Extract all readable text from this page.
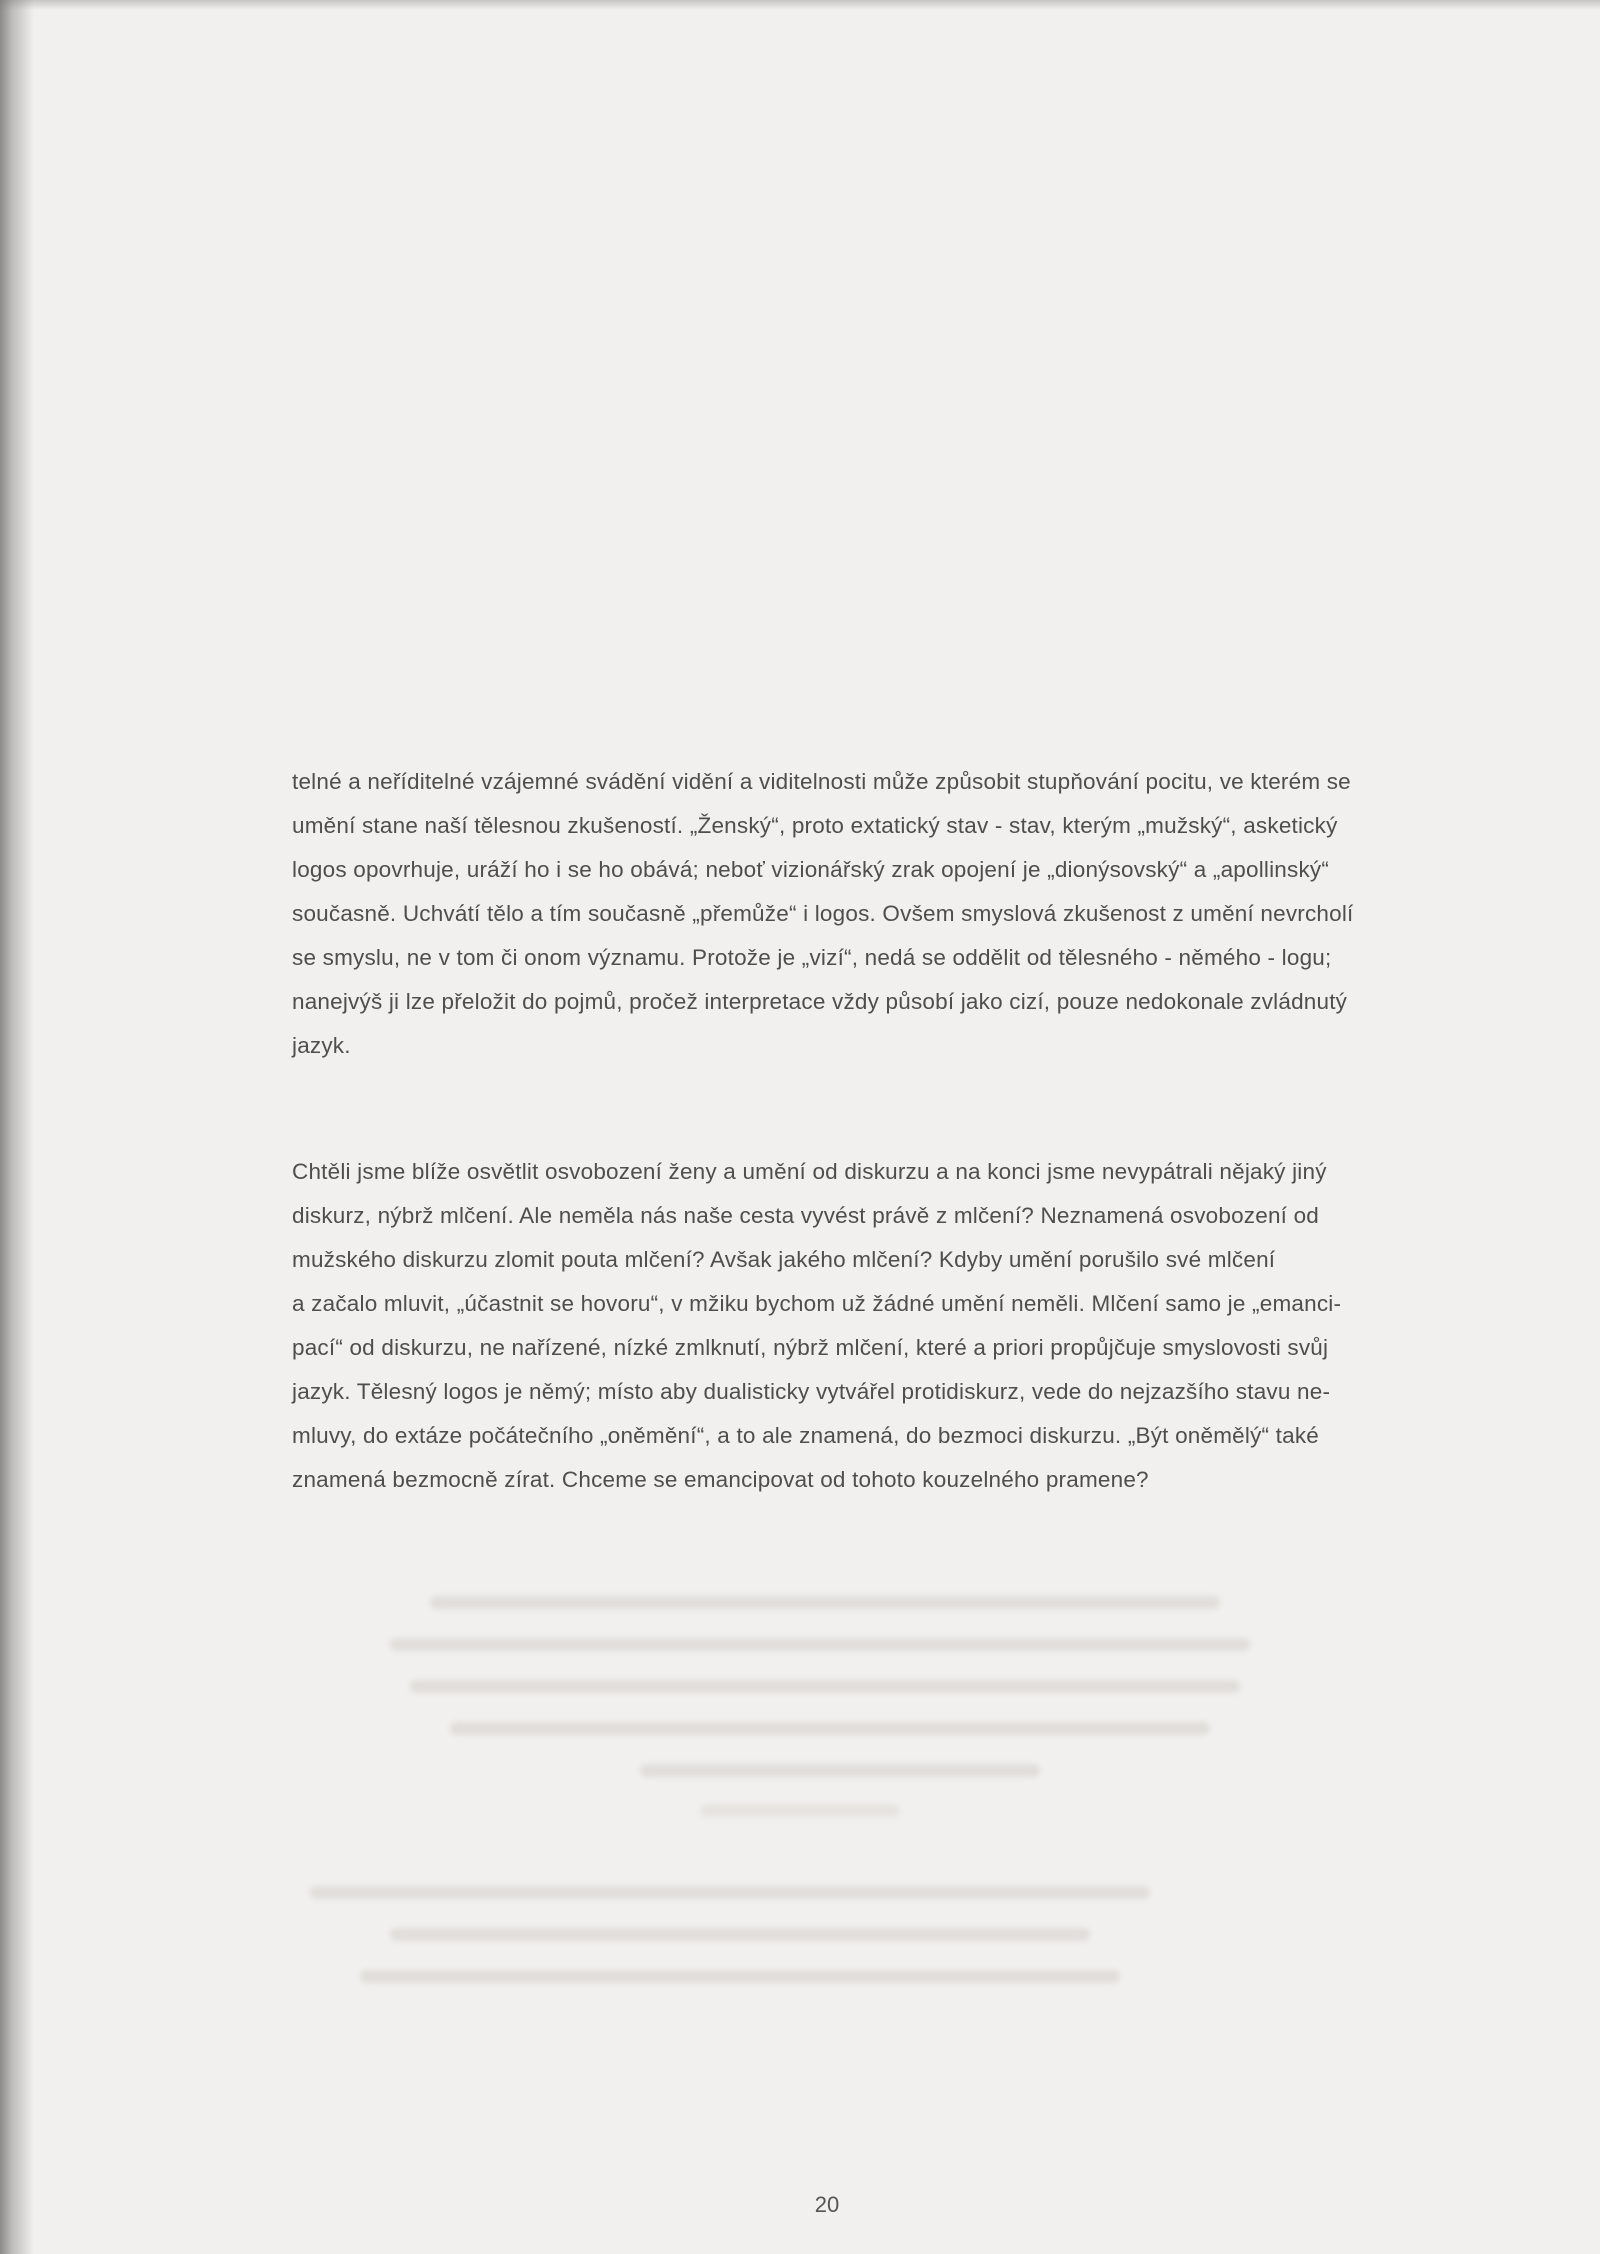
telné a neříditelné vzájemné svádění vidění a viditelnosti může způsobit stupňování pocitu, ve kterém se
umění stane naší tělesnou zkušeností. „Ženský“, proto extatický stav - stav, kterým „mužský“, asketický
logos opovrhuje, uráží ho i se ho obává; neboť vizionářský zrak opojení je „dionýsovský“ a „apollinský“
současně. Uchvátí tělo a tím současně „přemůže“ i logos. Ovšem smyslová zkušenost z umění nevrcholí
se smyslu, ne v tom či onom významu. Protože je „vizí“, nedá se oddělit od tělesného - němého - logu;
nanejvýš ji lze přeložit do pojmů, pročež interpretace vždy působí jako cizí, pouze nedokonale zvládnutý
jazyk.
Chtěli jsme blíže osvětlit osvobození ženy a umění od diskurzu a na konci jsme nevypátrali nějaký jiný
diskurz, nýbrž mlčení. Ale neměla nás naše cesta vyvést právě z mlčení? Neznamená osvobození od
mužského diskurzu zlomit pouta mlčení? Avšak jakého mlčení? Kdyby umění porušilo své mlčení
a začalo mluvit, „účastnit se hovoru“, v mžiku bychom už žádné umění neměli. Mlčení samo je „emanci-
pací“ od diskurzu, ne nařízené, nízké zmlknutí, nýbrž mlčení, které a priori propůjčuje smyslovosti svůj
jazyk. Tělesný logos je němý; místo aby dualisticky vytvářel protidiskurz, vede do nejzazšího stavu ne-
mluvy, do extáze počátečního „oněmění“, a to ale znamená, do bezmoci diskurzu. „Být oněmělý“ také
znamená bezmocně zírat. Chceme se emancipovat od tohoto kouzelného pramene?
20
